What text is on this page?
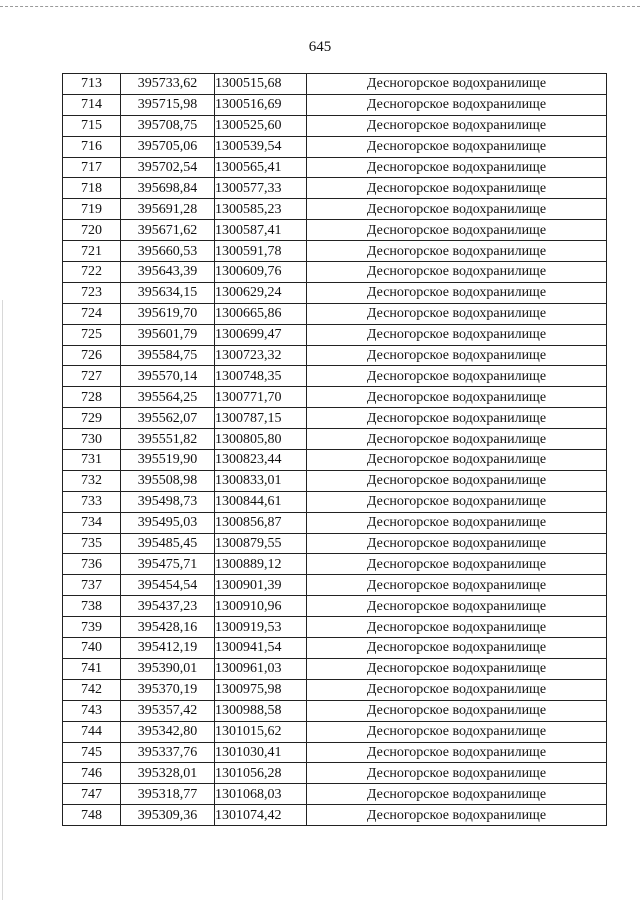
645
713	395733,62	1300515,68	Десногорское водохранилище
714	395715,98	1300516,69	Десногорское водохранилище
715	395708,75	1300525,60	Десногорское водохранилище
716	395705,06	1300539,54	Десногорское водохранилище
717	395702,54	1300565,41	Десногорское водохранилище
718	395698,84	1300577,33	Десногорское водохранилище
719	395691,28	1300585,23	Десногорское водохранилище
720	395671,62	1300587,41	Десногорское водохранилище
721	395660,53	1300591,78	Десногорское водохранилище
722	395643,39	1300609,76	Десногорское водохранилище
723	395634,15	1300629,24	Десногорское водохранилище
724	395619,70	1300665,86	Десногорское водохранилище
725	395601,79	1300699,47	Десногорское водохранилище
726	395584,75	1300723,32	Десногорское водохранилище
727	395570,14	1300748,35	Десногорское водохранилище
728	395564,25	1300771,70	Десногорское водохранилище
729	395562,07	1300787,15	Десногорское водохранилище
730	395551,82	1300805,80	Десногорское водохранилище
731	395519,90	1300823,44	Десногорское водохранилище
732	395508,98	1300833,01	Десногорское водохранилище
733	395498,73	1300844,61	Десногорское водохранилище
734	395495,03	1300856,87	Десногорское водохранилище
735	395485,45	1300879,55	Десногорское водохранилище
736	395475,71	1300889,12	Десногорское водохранилище
737	395454,54	1300901,39	Десногорское водохранилище
738	395437,23	1300910,96	Десногорское водохранилище
739	395428,16	1300919,53	Десногорское водохранилище
740	395412,19	1300941,54	Десногорское водохранилище
741	395390,01	1300961,03	Десногорское водохранилище
742	395370,19	1300975,98	Десногорское водохранилище
743	395357,42	1300988,58	Десногорское водохранилище
744	395342,80	1301015,62	Десногорское водохранилище
745	395337,76	1301030,41	Десногорское водохранилище
746	395328,01	1301056,28	Десногорское водохранилище
747	395318,77	1301068,03	Десногорское водохранилище
748	395309,36	1301074,42	Десногорское водохранилище
